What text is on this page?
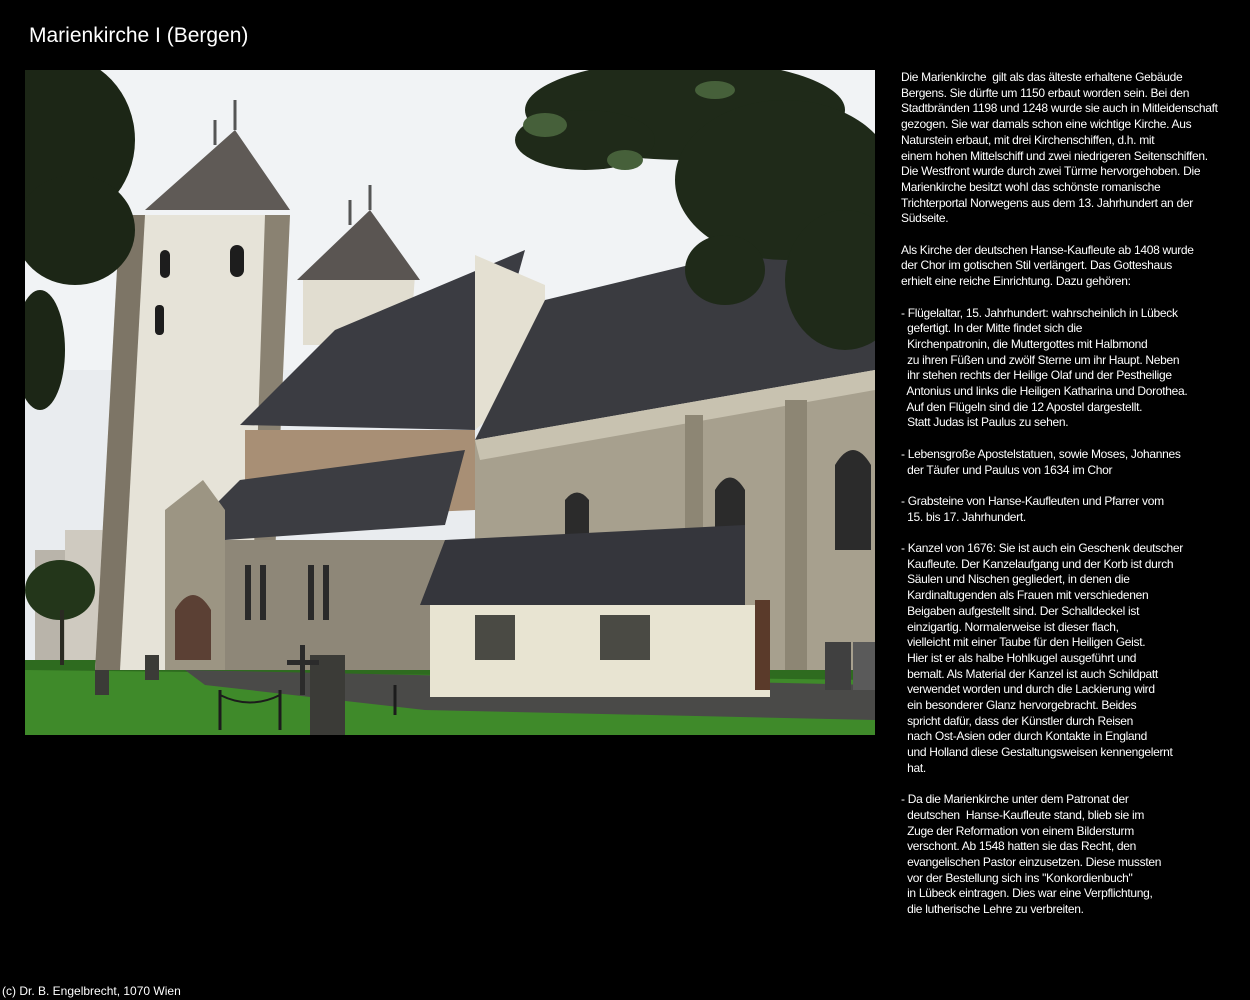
Marienkirche I (Bergen)
Die Marienkirche  gilt als das älteste erhaltene Gebäude
Bergens. Sie dürfte um 1150 erbaut worden sein. Bei den
Stadtbränden 1198 und 1248 wurde sie auch in Mitleidenschaft
gezogen. Sie war damals schon eine wichtige Kirche. Aus
Naturstein erbaut, mit drei Kirchenschiffen, d.h. mit
einem hohen Mittelschiff und zwei niedrigeren Seitenschiffen.
Die Westfront wurde durch zwei Türme hervorgehoben. Die
Marienkirche besitzt wohl das schönste romanische
Trichterportal Norwegens aus dem 13. Jahrhundert an der
Südseite.
Als Kirche der deutschen Hanse-Kaufleute ab 1408 wurde
der Chor im gotischen Stil verlängert. Das Gotteshaus
erhielt eine reiche Einrichtung. Dazu gehören:
- Flügelaltar, 15. Jahrhundert: wahrscheinlich in Lübeck
gefertigt. In der Mitte findet sich die
Kirchenpatronin, die Muttergottes mit Halbmond
zu ihren Füßen und zwölf Sterne um ihr Haupt. Neben
ihr stehen rechts der Heilige Olaf und der Pestheilige
Antonius und links die Heiligen Katharina und Dorothea.
Auf den Flügeln sind die 12 Apostel dargestellt.
Statt Judas ist Paulus zu sehen.
- Lebensgroße Apostelstatuen, sowie Moses, Johannes
der Täufer und Paulus von 1634 im Chor
- Grabsteine von Hanse-Kaufleuten und Pfarrer vom
15. bis 17. Jahrhundert.
- Kanzel von 1676: Sie ist auch ein Geschenk deutscher
Kaufleute. Der Kanzelaufgang und der Korb ist durch
Säulen und Nischen gegliedert, in denen die
Kardinaltugenden als Frauen mit verschiedenen
Beigaben aufgestellt sind. Der Schalldeckel ist
einzigartig. Normalerweise ist dieser flach,
vielleicht mit einer Taube für den Heiligen Geist.
Hier ist er als halbe Hohlkugel ausgeführt und
bemalt. Als Material der Kanzel ist auch Schildpatt
verwendet worden und durch die Lackierung wird
ein besonderer Glanz hervorgebracht. Beides
spricht dafür, dass der Künstler durch Reisen
nach Ost-Asien oder durch Kontakte in England
und Holland diese Gestaltungsweisen kennengelernt
hat.
- Da die Marienkirche unter dem Patronat der
deutschen  Hanse-Kaufleute stand, blieb sie im
Zuge der Reformation von einem Bildersturm
verschont. Ab 1548 hatten sie das Recht, den
evangelischen Pastor einzusetzen. Diese mussten
vor der Bestellung sich ins "Konkordienbuch"
in Lübeck eintragen. Dies war eine Verpflichtung,
die lutherische Lehre zu verbreiten.
(c) Dr. B. Engelbrecht, 1070 Wien
